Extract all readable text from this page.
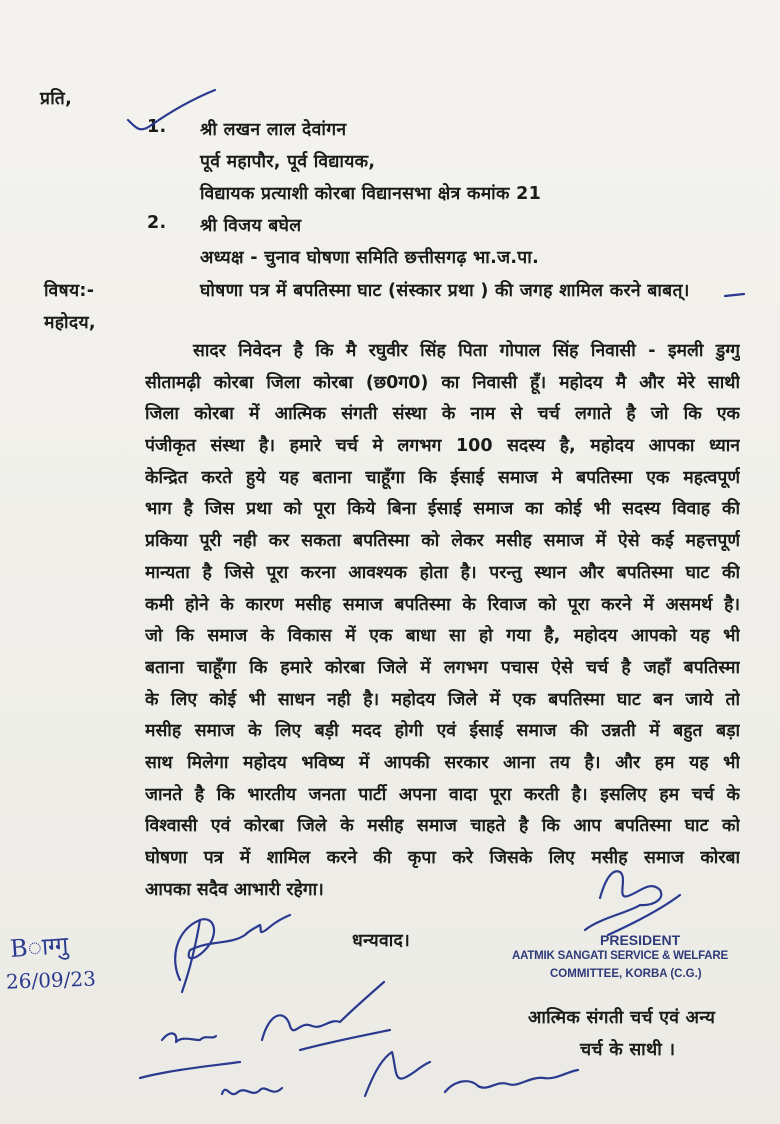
प्रति,
1. श्री लखन लाल देवांगन
पूर्व महापौर, पूर्व विद्यायक,
विद्यायक प्रत्याशी कोरबा विद्यानसभा क्षेत्र कमांक 21
2. श्री विजय बघेल
अध्यक्ष - चुनाव घोषणा समिति छत्तीसगढ़ भा.ज.पा.
विषय:-	घोषणा पत्र में बपतिस्मा घाट (संस्कार प्रथा ) की जगह शामिल करने बाबत्।
महोदय,
सादर निवेदन है कि मै रघुवीर सिंह पिता गोपाल सिंह निवासी - इमली डुग्गु
सीतामढ़ी कोरबा जिला कोरबा (छ0ग0) का निवासी हूँ। महोदय मै और मेरे साथी
जिला कोरबा में आत्मिक संगती संस्था के नाम से चर्च लगाते है जो कि एक
पंजीकृत संस्था है। हमारे चर्च मे लगभग 100 सदस्य है, महोदय आपका ध्यान
केन्द्रित करते हुये यह बताना चाहूँगा कि ईसाई समाज मे बपतिस्मा एक महत्वपूर्ण
भाग है जिस प्रथा को पूरा किये बिना ईसाई समाज का कोई भी सदस्य विवाह की
प्रकिया पूरी नही कर सकता बपतिस्मा को लेकर मसीह समाज में ऐसे कई महत्तपूर्ण
मान्यता है जिसे पूरा करना आवश्यक होता है। परन्तु स्थान और बपतिस्मा घाट की
कमी होने के कारण मसीह समाज बपतिस्मा के रिवाज को पूरा करने में असमर्थ है।
जो कि समाज के विकास में एक बाधा सा हो गया है, महोदय आपको यह भी
बताना चाहूँगा कि हमारे कोरबा जिले में लगभग पचास ऐसे चर्च है जहाँ बपतिस्मा
के लिए कोई भी साधन नही है। महोदय जिले में एक बपतिस्मा घाट बन जाये तो
मसीह समाज के लिए बड़ी मदद होगी एवं ईसाई समाज की उन्नती में बहुत बड़ा
साथ मिलेगा महोदय भविष्य में आपकी सरकार आना तय है। और हम यह भी
जानते है कि भारतीय जनता पार्टी अपना वादा पूरा करती है। इसलिए हम चर्च के
विश्वासी एवं कोरबा जिले के मसीह समाज चाहते है कि आप बपतिस्मा घाट को
घोषणा पत्र में शामिल करने की कृपा करे जिसके लिए मसीह समाज कोरबा
आपका सदैव आभारी रहेगा।
धन्यवाद।	PRESIDENT
AATMIK SANGATI SERVICE & WELFARE
COMMITTEE, KORBA (C.G.)
आत्मिक संगती चर्च एवं अन्य
चर्च के साथी ।
Bाग्गु
26/09/23
